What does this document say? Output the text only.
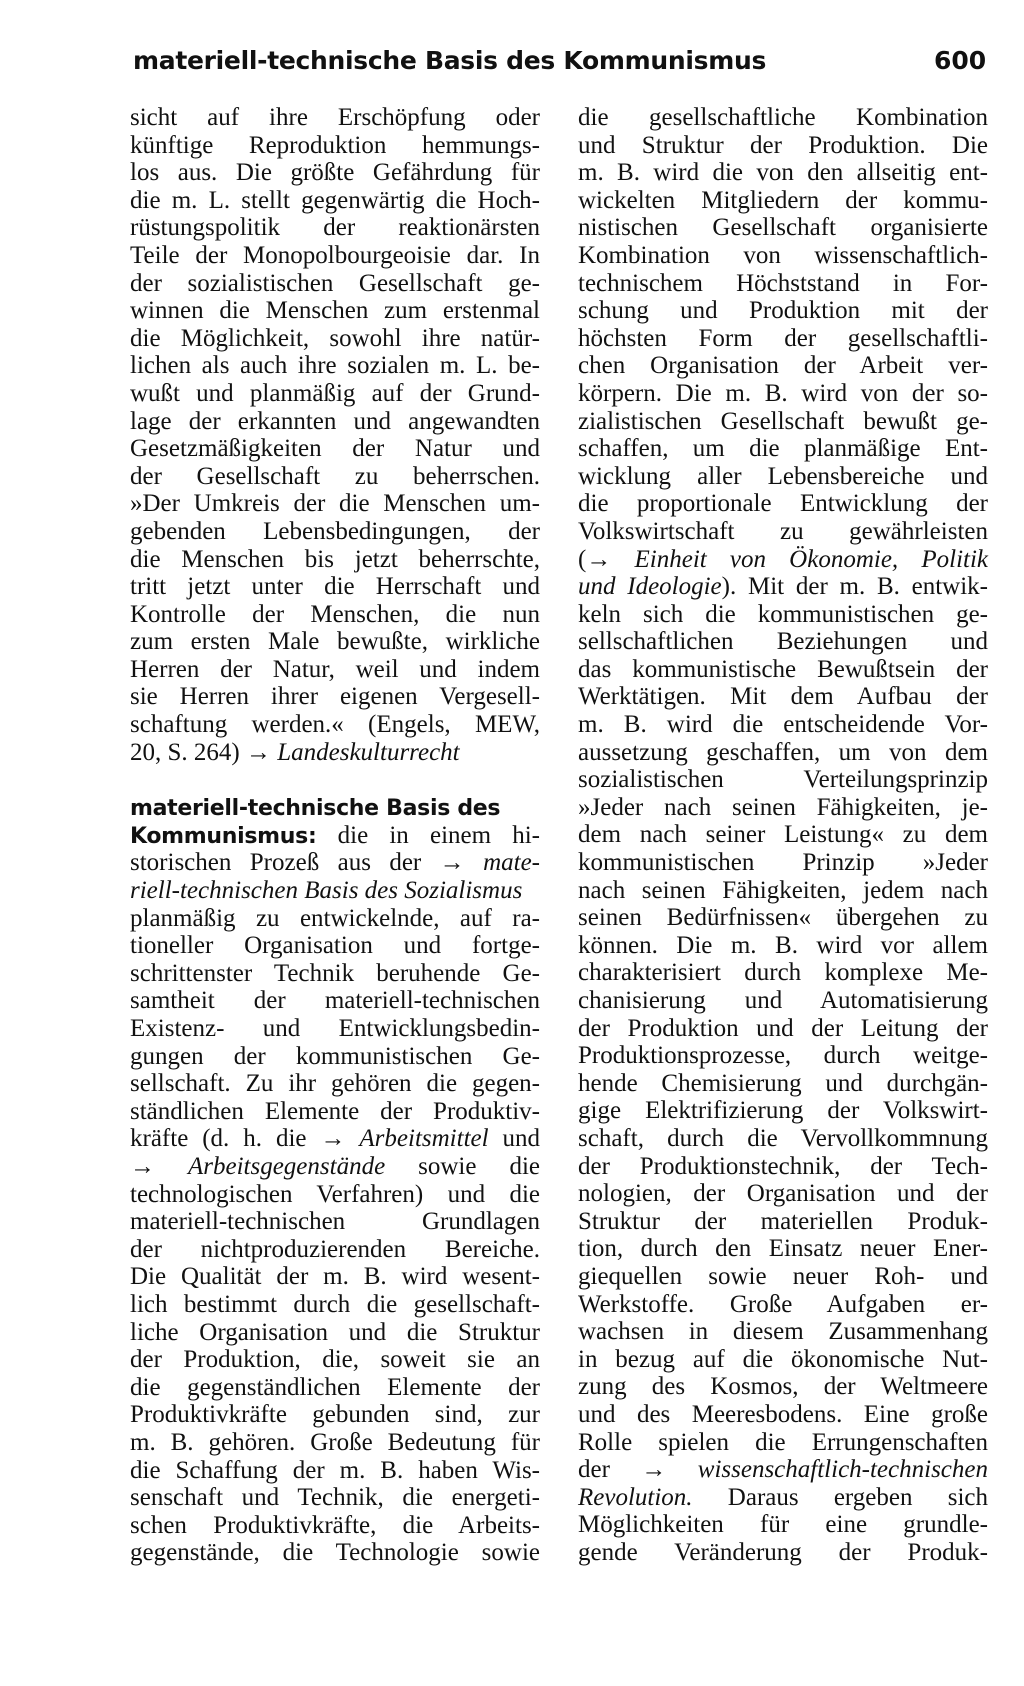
materiell-technische Basis des Kommunismus	600
sicht auf ihre Erschöpfung oder
künftige Reproduktion hemmungs-
los aus. Die größte Gefährdung für
die m. L. stellt gegenwärtig die Hoch-
rüstungspolitik der reaktionärsten
Teile der Monopolbourgeoisie dar. In
der sozialistischen Gesellschaft ge-
winnen die Menschen zum erstenmal
die Möglichkeit, sowohl ihre natür-
lichen als auch ihre sozialen m. L. be-
wußt und planmäßig auf der Grund-
lage der erkannten und angewandten
Gesetzmäßigkeiten der Natur und
der Gesellschaft zu beherrschen.
»Der Umkreis der die Menschen um-
gebenden Lebensbedingungen, der
die Menschen bis jetzt beherrschte,
tritt jetzt unter die Herrschaft und
Kontrolle der Menschen, die nun
zum ersten Male bewußte, wirkliche
Herren der Natur, weil und indem
sie Herren ihrer eigenen Vergesell-
schaftung werden.« (Engels, MEW,
20, S. 264) → Landeskulturrecht
materiell-technische Basis des
Kommunismus: die in einem hi-
storischen Prozeß aus der → mate-
riell-technischen Basis des Sozialismus
planmäßig zu entwickelnde, auf ra-
tioneller Organisation und fortge-
schrittenster Technik beruhende Ge-
samtheit der materiell-technischen
Existenz- und Entwicklungsbedin-
gungen der kommunistischen Ge-
sellschaft. Zu ihr gehören die gegen-
ständlichen Elemente der Produktiv-
kräfte (d. h. die → Arbeitsmittel und
→ Arbeitsgegenstände sowie die
technologischen Verfahren) und die
materiell-technischen Grundlagen
der nichtproduzierenden Bereiche.
Die Qualität der m. B. wird wesent-
lich bestimmt durch die gesellschaft-
liche Organisation und die Struktur
der Produktion, die, soweit sie an
die gegenständlichen Elemente der
Produktivkräfte gebunden sind, zur
m. B. gehören. Große Bedeutung für
die Schaffung der m. B. haben Wis-
senschaft und Technik, die energeti-
schen Produktivkräfte, die Arbeits-
gegenstände, die Technologie sowie
die gesellschaftliche Kombination
und Struktur der Produktion. Die
m. B. wird die von den allseitig ent-
wickelten Mitgliedern der kommu-
nistischen Gesellschaft organisierte
Kombination von wissenschaftlich-
technischem Höchststand in For-
schung und Produktion mit der
höchsten Form der gesellschaftli-
chen Organisation der Arbeit ver-
körpern. Die m. B. wird von der so-
zialistischen Gesellschaft bewußt ge-
schaffen, um die planmäßige Ent-
wicklung aller Lebensbereiche und
die proportionale Entwicklung der
Volkswirtschaft zu gewährleisten
(→ Einheit von Ökonomie, Politik
und Ideologie). Mit der m. B. entwik-
keln sich die kommunistischen ge-
sellschaftlichen Beziehungen und
das kommunistische Bewußtsein der
Werktätigen. Mit dem Aufbau der
m. B. wird die entscheidende Vor-
aussetzung geschaffen, um von dem
sozialistischen Verteilungsprinzip
»Jeder nach seinen Fähigkeiten, je-
dem nach seiner Leistung« zu dem
kommunistischen Prinzip »Jeder
nach seinen Fähigkeiten, jedem nach
seinen Bedürfnissen« übergehen zu
können. Die m. B. wird vor allem
charakterisiert durch komplexe Me-
chanisierung und Automatisierung
der Produktion und der Leitung der
Produktionsprozesse, durch weitge-
hende Chemisierung und durchgän-
gige Elektrifizierung der Volkswirt-
schaft, durch die Vervollkommnung
der Produktionstechnik, der Tech-
nologien, der Organisation und der
Struktur der materiellen Produk-
tion, durch den Einsatz neuer Ener-
giequellen sowie neuer Roh- und
Werkstoffe. Große Aufgaben er-
wachsen in diesem Zusammenhang
in bezug auf die ökonomische Nut-
zung des Kosmos, der Weltmeere
und des Meeresbodens. Eine große
Rolle spielen die Errungenschaften
der → wissenschaftlich-technischen
Revolution. Daraus ergeben sich
Möglichkeiten für eine grundle-
gende Veränderung der Produk-
